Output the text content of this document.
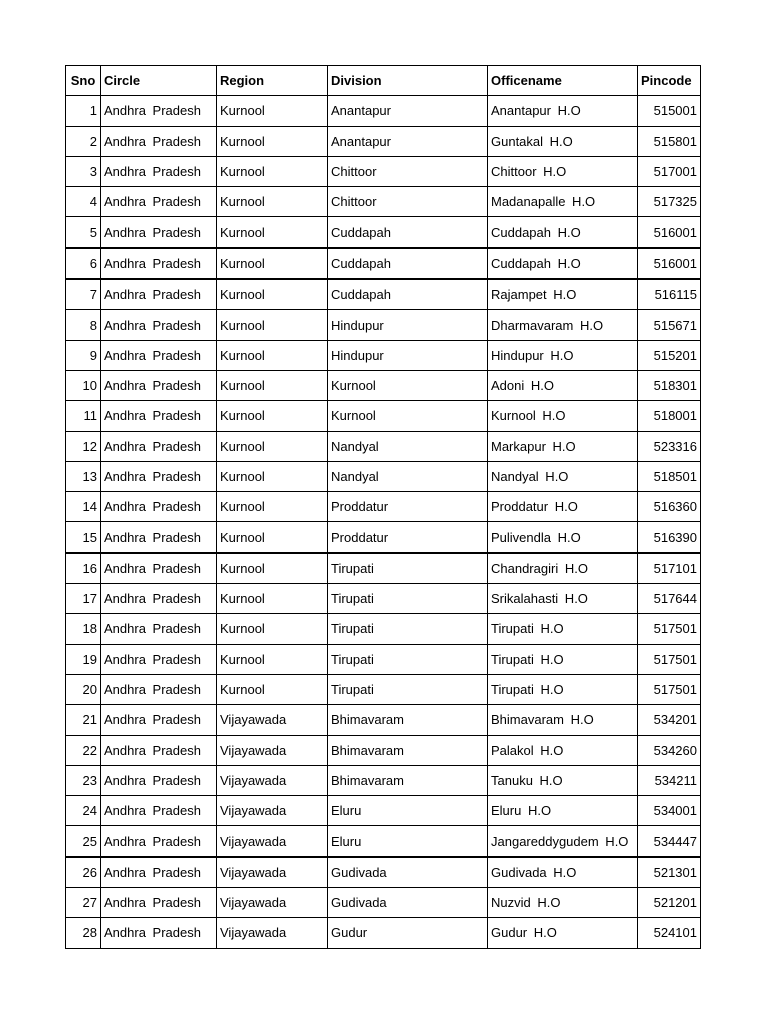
Sno	Circle	Region	Division	Officename	Pincode
1	Andhra Pradesh	Kurnool	Anantapur	Anantapur H.O	515001
2	Andhra Pradesh	Kurnool	Anantapur	Guntakal H.O	515801
3	Andhra Pradesh	Kurnool	Chittoor	Chittoor H.O	517001
4	Andhra Pradesh	Kurnool	Chittoor	Madanapalle H.O	517325
5	Andhra Pradesh	Kurnool	Cuddapah	Cuddapah H.O	516001
6	Andhra Pradesh	Kurnool	Cuddapah	Cuddapah H.O	516001
7	Andhra Pradesh	Kurnool	Cuddapah	Rajampet H.O	516115
8	Andhra Pradesh	Kurnool	Hindupur	Dharmavaram H.O	515671
9	Andhra Pradesh	Kurnool	Hindupur	Hindupur H.O	515201
10	Andhra Pradesh	Kurnool	Kurnool	Adoni H.O	518301
11	Andhra Pradesh	Kurnool	Kurnool	Kurnool H.O	518001
12	Andhra Pradesh	Kurnool	Nandyal	Markapur H.O	523316
13	Andhra Pradesh	Kurnool	Nandyal	Nandyal H.O	518501
14	Andhra Pradesh	Kurnool	Proddatur	Proddatur H.O	516360
15	Andhra Pradesh	Kurnool	Proddatur	Pulivendla H.O	516390
16	Andhra Pradesh	Kurnool	Tirupati	Chandragiri H.O	517101
17	Andhra Pradesh	Kurnool	Tirupati	Srikalahasti H.O	517644
18	Andhra Pradesh	Kurnool	Tirupati	Tirupati H.O	517501
19	Andhra Pradesh	Kurnool	Tirupati	Tirupati H.O	517501
20	Andhra Pradesh	Kurnool	Tirupati	Tirupati H.O	517501
21	Andhra Pradesh	Vijayawada	Bhimavaram	Bhimavaram H.O	534201
22	Andhra Pradesh	Vijayawada	Bhimavaram	Palakol H.O	534260
23	Andhra Pradesh	Vijayawada	Bhimavaram	Tanuku H.O	534211
24	Andhra Pradesh	Vijayawada	Eluru	Eluru H.O	534001
25	Andhra Pradesh	Vijayawada	Eluru	Jangareddygudem H.O	534447
26	Andhra Pradesh	Vijayawada	Gudivada	Gudivada H.O	521301
27	Andhra Pradesh	Vijayawada	Gudivada	Nuzvid H.O	521201
28	Andhra Pradesh	Vijayawada	Gudur	Gudur H.O	524101
